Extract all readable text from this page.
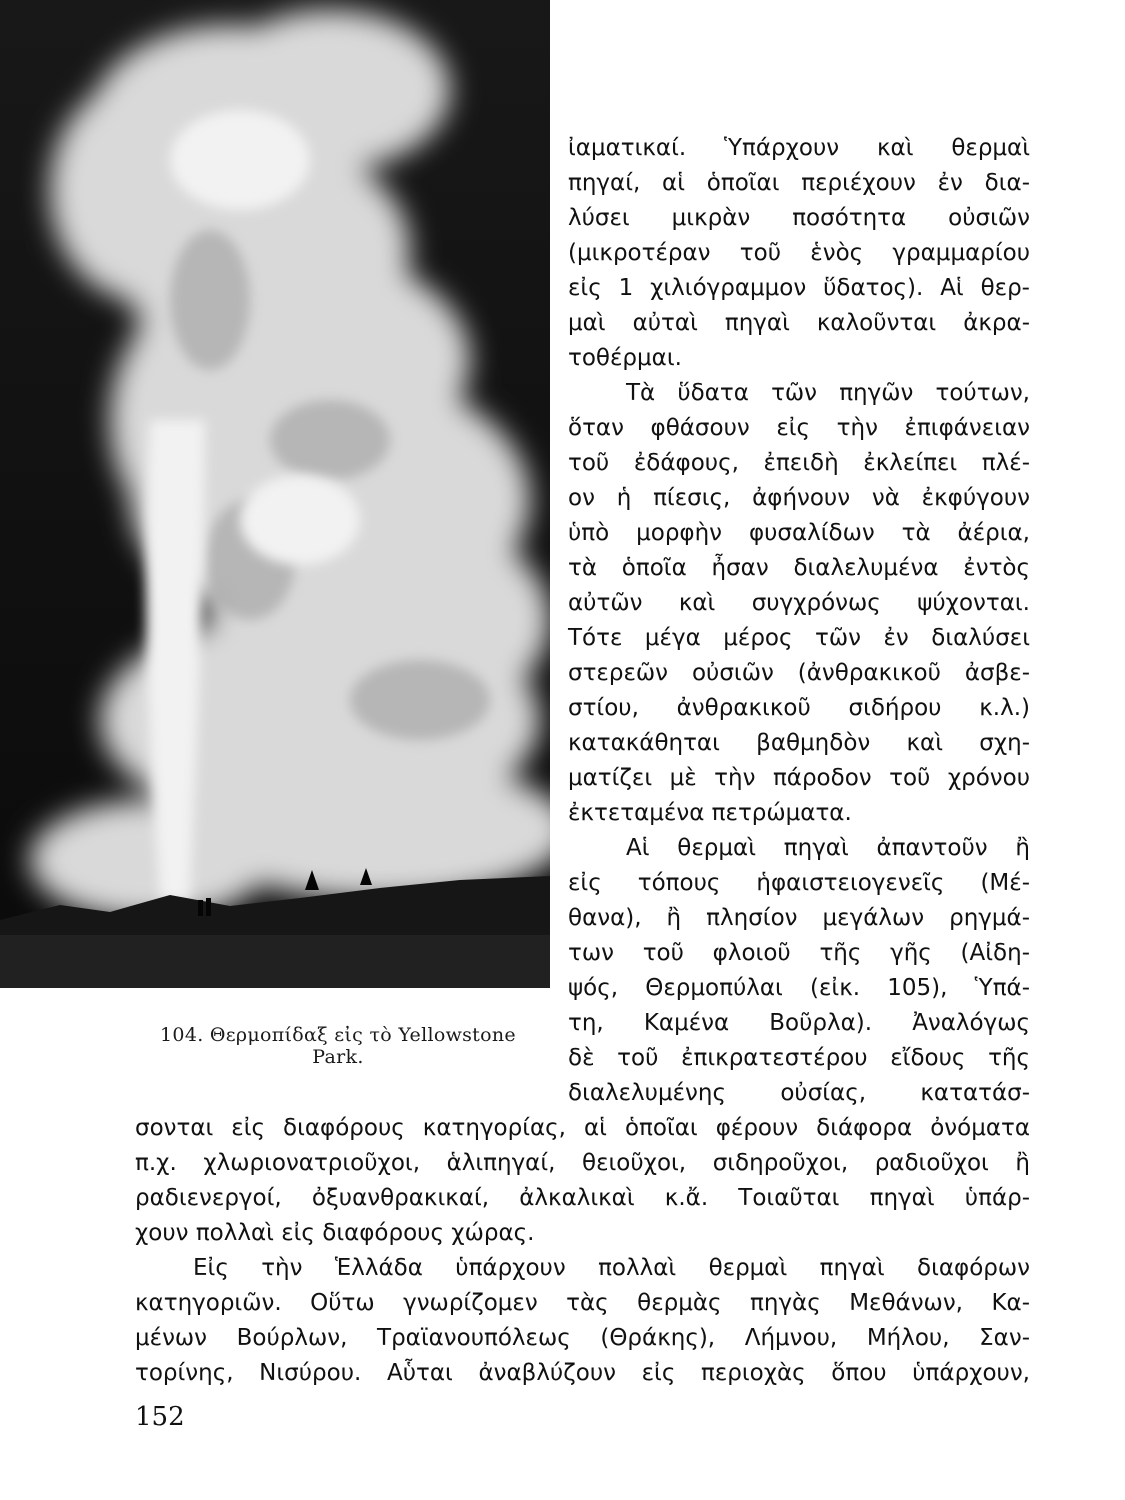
104. Θερμοπίδαξ εἰς τὸ Yellowstone
Park.
ἰαματικαί. Ὑπάρχουν καὶ θερμαὶ
πηγαί, αἱ ὁποῖαι περιέχουν ἐν δια-
λύσει μικρὰν ποσότητα οὐσιῶν
(μικροτέραν τοῦ ἑνὸς γραμμαρίου
εἰς 1 χιλιόγραμμον ὕδατος). Αἱ θερ-
μαὶ αὐταὶ πηγαὶ καλοῦνται ἀκρα-
τοθέρμαι.
Τὰ ὕδατα τῶν πηγῶν τούτων,
ὅταν φθάσουν εἰς τὴν ἐπιφάνειαν
τοῦ ἐδάφους, ἐπειδὴ ἐκλείπει πλέ-
ον ἡ πίεσις, ἀφήνουν νὰ ἐκφύγουν
ὑπὸ μορφὴν φυσαλίδων τὰ ἀέρια,
τὰ ὁποῖα ἦσαν διαλελυμένα ἐντὸς
αὐτῶν καὶ συγχρόνως ψύχονται.
Τότε μέγα μέρος τῶν ἐν διαλύσει
στερεῶν οὐσιῶν (ἀνθρακικοῦ ἀσβε-
στίου, ἀνθρακικοῦ σιδήρου κ.λ.)
κατακάθηται βαθμηδὸν καὶ σχη-
ματίζει μὲ τὴν πάροδον τοῦ χρόνου
ἐκτεταμένα πετρώματα.
Αἱ θερμαὶ πηγαὶ ἀπαντοῦν ἢ
εἰς τόπους ἡφαιστειογενεῖς (Μέ-
θανα), ἢ πλησίον μεγάλων ρηγμά-
των τοῦ φλοιοῦ τῆς γῆς (Αἰδη-
ψός, Θερμοπύλαι (εἰκ. 105), Ὑπά-
τη, Καμένα Βοῦρλα). Ἀναλόγως
δὲ τοῦ ἐπικρατεστέρου εἴδους τῆς
διαλελυμένης οὐσίας, κατατάσ-
σονται εἰς διαφόρους κατηγορίας, αἱ ὁποῖαι φέρουν διάφορα ὀνόματα
π.χ. χλωριονατριοῦχοι, ἁλιπηγαί, θειοῦχοι, σιδηροῦχοι, ραδιοῦχοι ἢ
ραδιενεργοί, ὀξυανθρακικαί, ἀλκαλικαὶ κ.ἄ. Τοιαῦται πηγαὶ ὑπάρ-
χουν πολλαὶ εἰς διαφόρους χώρας.
Εἰς τὴν Ἑλλάδα ὑπάρχουν πολλαὶ θερμαὶ πηγαὶ διαφόρων
κατηγοριῶν. Οὕτω γνωρίζομεν τὰς θερμὰς πηγὰς Μεθάνων, Κα-
μένων Βούρλων, Τραϊανουπόλεως (Θράκης), Λήμνου, Μήλου, Σαν-
τορίνης, Νισύρου. Αὗται ἀναβλύζουν εἰς περιοχὰς ὅπου ὑπάρχουν,
152
